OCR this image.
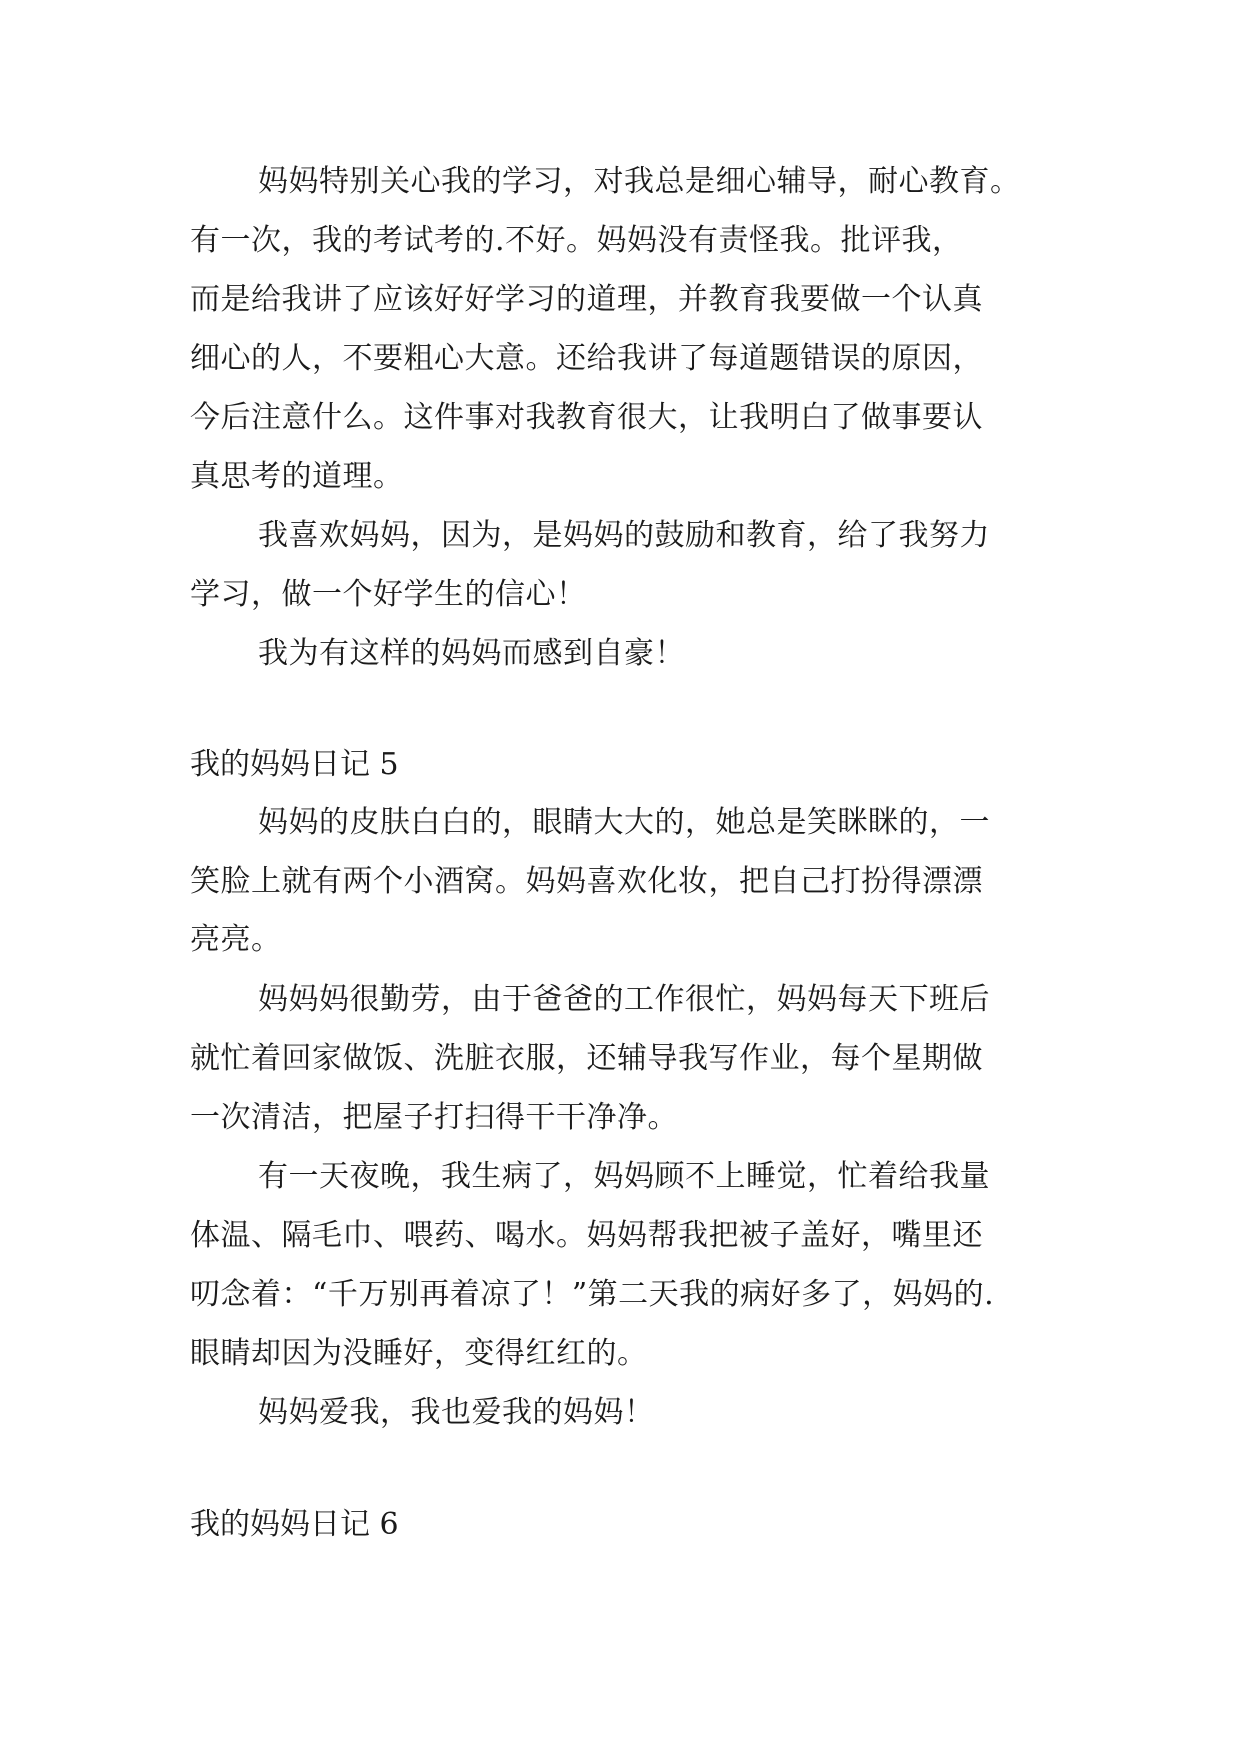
妈妈特别关心我的学习，对我总是细心辅导，耐心教育。
有一次，我的考试考的.不好。妈妈没有责怪我。批评我，
而是给我讲了应该好好学习的道理，并教育我要做一个认真
细心的人，不要粗心大意。还给我讲了每道题错误的原因，
今后注意什么。这件事对我教育很大，让我明白了做事要认
真思考的道理。
我喜欢妈妈，因为，是妈妈的鼓励和教育，给了我努力
学习，做一个好学生的信心！
我为有这样的妈妈而感到自豪！
我的妈妈日记 5
妈妈的皮肤白白的，眼睛大大的，她总是笑眯眯的，一
笑脸上就有两个小酒窝。妈妈喜欢化妆，把自己打扮得漂漂
亮亮。
妈妈妈很勤劳，由于爸爸的工作很忙，妈妈每天下班后
就忙着回家做饭、洗脏衣服，还辅导我写作业，每个星期做
一次清洁，把屋子打扫得干干净净。
有一天夜晚，我生病了，妈妈顾不上睡觉，忙着给我量
体温、隔毛巾、喂药、喝水。妈妈帮我把被子盖好，嘴里还
叨念着：“千万别再着凉了！”第二天我的病好多了，妈妈的.
眼睛却因为没睡好，变得红红的。
妈妈爱我，我也爱我的妈妈！
我的妈妈日记 6
